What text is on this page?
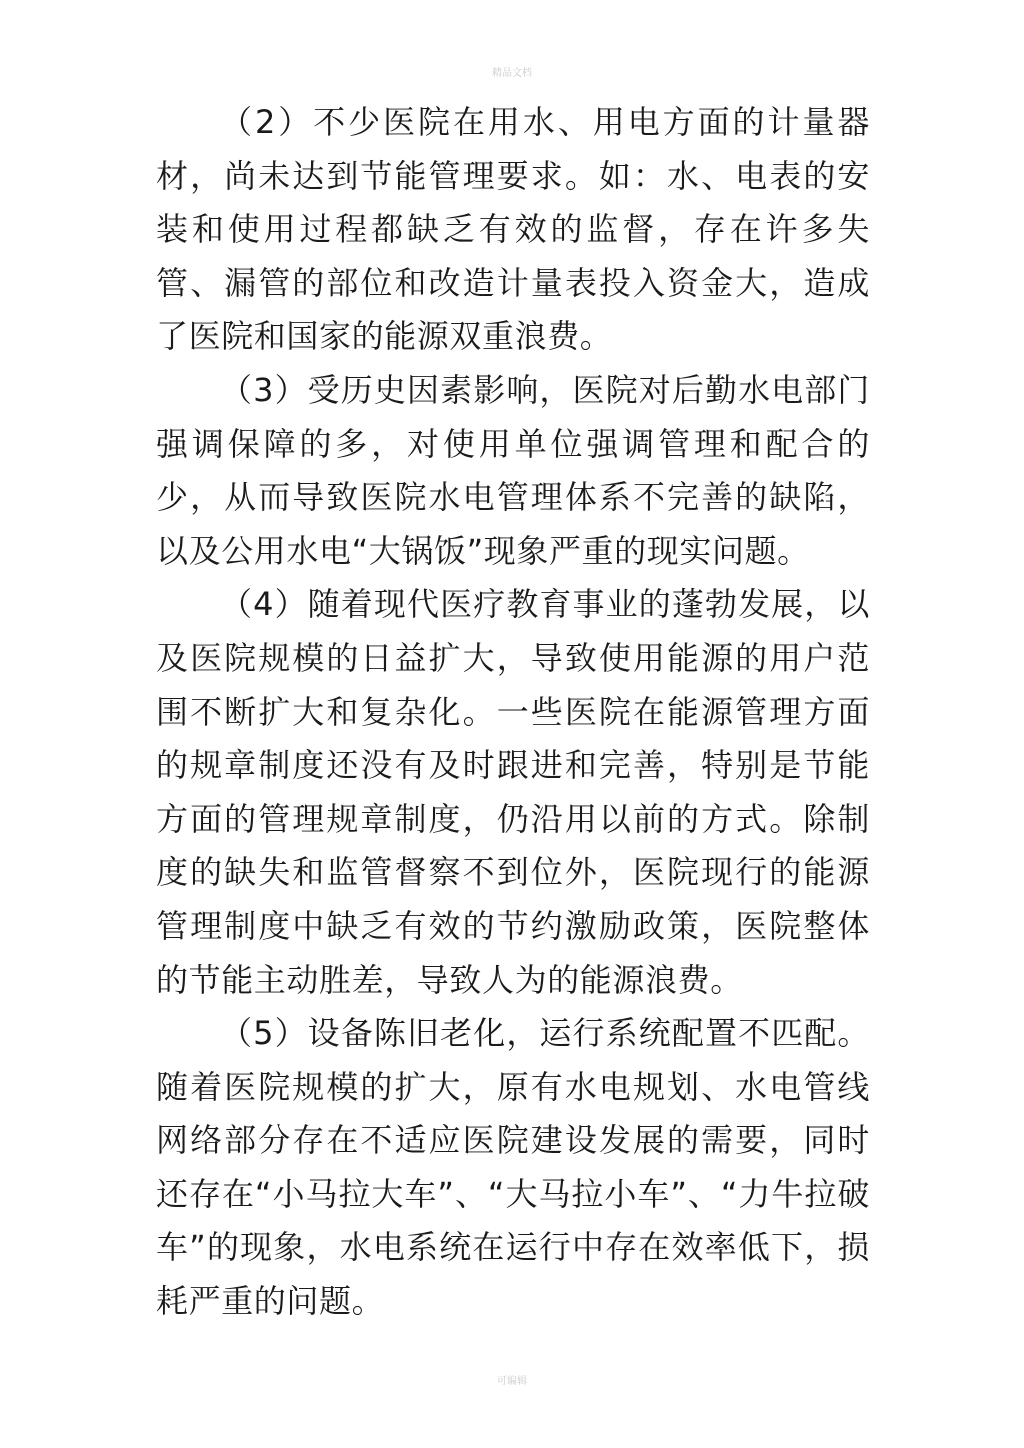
精品文档

（2）不少医院在用水、用电方面的计量器材，尚未达到节能管理要求。如：水、电表的安装和使用过程都缺乏有效的监督，存在许多失管、漏管的部位和改造计量表投入资金大，造成了医院和国家的能源双重浪费。

（3）受历史因素影响，医院对后勤水电部门强调保障的多，对使用单位强调管理和配合的少，从而导致医院水电管理体系不完善的缺陷，以及公用水电“大锅饭”现象严重的现实问题。

（4）随着现代医疗教育事业的蓬勃发展，以及医院规模的日益扩大，导致使用能源的用户范围不断扩大和复杂化。一些医院在能源管理方面的规章制度还没有及时跟进和完善，特别是节能方面的管理规章制度，仍沿用以前的方式。除制度的缺失和监管督察不到位外，医院现行的能源管理制度中缺乏有效的节约激励政策，医院整体的节能主动胜差，导致人为的能源浪费。

（5）设备陈旧老化，运行系统配置不匹配。随着医院规模的扩大，原有水电规划、水电管线网络部分存在不适应医院建设发展的需要，同时还存在“小马拉大车”、“大马拉小车”、“力牛拉破车”的现象，水电系统在运行中存在效率低下，损耗严重的问题。

可编辑
